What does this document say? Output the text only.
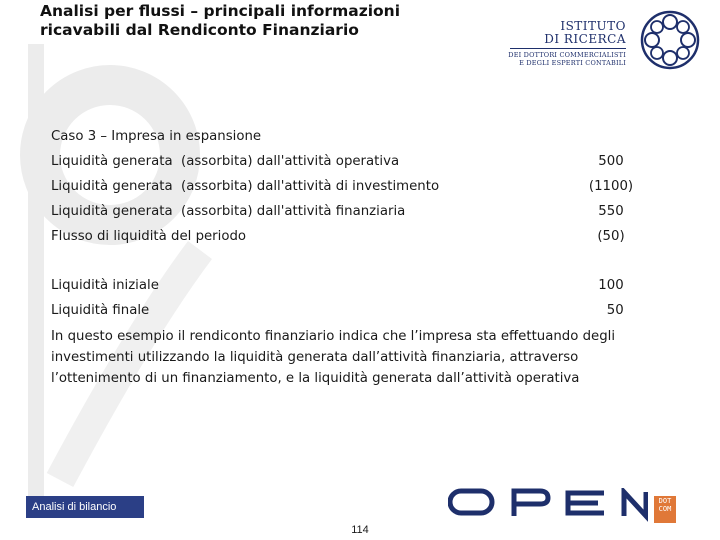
Analisi per flussi – principali informazioni
ricavabili dal Rendiconto Finanziario	ISTITUTO
DI RICERCA
DEI DOTTORI COMMERCIALISTI
E DEGLI ESPERTI CONTABILI
Caso 3 – Impresa in espansione
Liquidità generata  (assorbita) dall'attività operativa	500
Liquidità generata  (assorbita) dall'attività di investimento	(1100)
Liquidità generata  (assorbita) dall'attività finanziaria	550
Flusso di liquidità del periodo	(50)
Liquidità iniziale	100
Liquidità finale	50
In questo esempio il rendiconto finanziario indica che l’impresa sta effettuando degli investimenti utilizzando la liquidità generata dall’attività finanziaria, attraverso l’ottenimento di un finanziamento, e la liquidità generata dall’attività operativa
Analisi di bilancio	DOT COM
114
